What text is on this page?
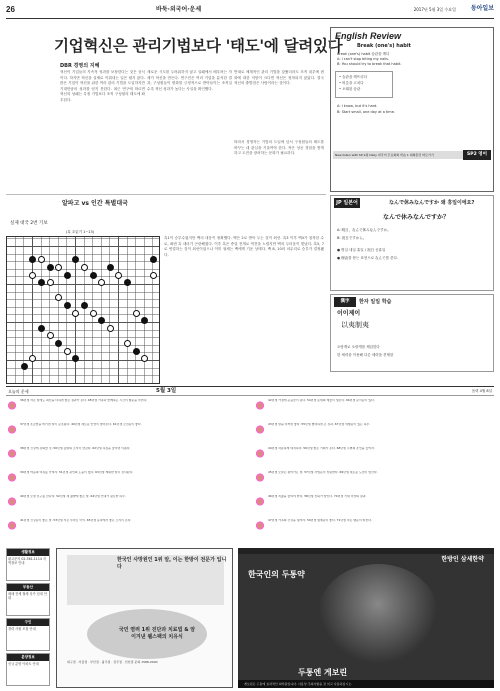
26	바둑·외국어·운세	2017년 5월 3일 수요일 동아일보
기업혁신은 관리기법보다 '태도'에 달려있다
DBR 경영의 지혜
혁신이 기업들의 지속적 성과를 보장한다는 것은 상식이다. 하지만 혁신을 실제로 이뤄내는 일은 쉽지 않다. 많은 기업이 혁신을 위한 여러 관리 기법을 도입하지만 기대만큼의 성과를 얻지 못한다. 최근 연구에 따르면 혁신의 성패는 특정 기법보다 조직 구성원의 태도에 좌우된다.
새로운 시도를 두려워하지 않고 실패에서 배우려는 자세가 혁신을 만든다. 연구진은 여러 기업을 분석한 결과, 구성원들이 변화를 긍정적으로 받아들이는 조직일수록 혁신 성과가 높다는 사실을 확인했다.
반대로 체계적인 관리 기법을 갖췄더라도 조직 내부에 변화에 대한 저항이 크다면 혁신은 정착되지 않았다. 결국 혁신의 출발점은 사람이라는 것이다.
따라서 경영자는 기법의 도입에 앞서 구성원들의 태도를 바꾸는 데 관심을 기울여야 한다. 작은 성공 경험을 쌓게 하고 도전을 장려하는 문화가 필요하다.
English Review
Break (one's) habit
Break (one's) habit 습관을 깨다
A: I can't stop biting my nails.
B: You should try to break that habit.
• 습관을 깨뜨리다
• 버릇을 고치다
• 오래된 습관
A: I know, but it's hard.
B: Start small, one day at a time.
New listen with SP 2위 Daily 외국어 무료회화 학습 1 회화훈련 바로가기	SP2 영어
JP 일본어	なんで休みなんですか 왜 휴일이에요?
なんで休みなんですか？
A: 明日、なんで休みなんですか。
B: 祝日ですから。
● 명일 내일 휴일 / 祝日 공휴일
● 理由를 묻는 표현으로 なんで를 쓴다.
漢字	한자 일일 학습
이이제이
以夷制夷
오랑캐로 오랑캐를 제압한다
한 세력을 이용해 다른 세력을 견제함
알파고 vs 인간 특별대국
실제 대국 2번 기보
(흑 초읽기 1~13)
흑1이 승부수였지만 백의 대응이 정확했다. 백은 2로 받아 두는 것이 최선. 흑3 이후 백4가 침착한 수로, 좌변 흑 대마가 곤란해졌다. 이후 흑은 중앙 전개로 역전을 노렸지만 백의 두터움이 빛났다. 흑5, 7로 연결하는 것이 최선이었으나 이미 형세는 백에게 기운 상태다. 백 8, 10의 마무리로 승부가 결정됐다.
오늘의 운세	5월 3일	음력 4월 8일
36년생 작은 일에도 최선을 다하면 좋은 결과가 온다. 48년생 가족과 함께하는 시간이 행운을 부른다.
37년생 조급함을 버리면 일이 순조롭다. 49년생 새로운 인연이 찾아온다. 61년생 금전운이 좋다.
38년생 건강에 유의할 것. 50년생 뜻밖의 소식이 반갑다. 62년생 욕심을 줄이면 이롭다.
39년생 마음의 여유를 가져라. 51년생 귀인의 도움이 있다. 63년생 계획한 일이 성사된다.
40년생 오랜 친구를 만나라. 52년생 새 출발에 좋은 날. 64년생 인내가 필요한 하루.
41년생 건강운이 좋은 날. 53년생 작은 투자로 이익. 65년생 동쪽에서 좋은 소식이 온다.
42년생 가정에 웃음꽃이 핀다. 54년생 뜻밖의 재물이 생긴다. 66년생 문서운이 있다.
43년생 말을 아끼면 좋다. 55년생 협력하면 큰 성과. 67년생 여행운이 있는 하루.
44년생 차분하게 대처하라. 56년생 좋은 기회가 온다. 68년생 주변의 조언을 들어라.
45년생 오늘은 쉬어가는 날. 57년생 사업운이 상승한다. 69년생 새로운 도전이 빛난다.
46년생 지출을 줄여야 한다. 58년생 신뢰가 쌓인다. 70년생 기대 이상의 결과.
47년생 가족의 건강을 챙겨라. 59년생 명예운이 좋다. 71년생 작은 행운이 따른다.
생활정보
광고문의 02-361-1114 지역정보 안내
부동산
매매 전세 월세 상가 임대 안내
구인
경력 사원 모집 안내
분양정보
신규 분양 아파트 안내
한국인 사망원인 1위 암, 이는 한방이 전문가 입니다
국민 염려 1위 진단과 치료법 & 암 이겨낸 웰스팩의 치유식
대구점 · 서울점 · 부산점 · 광주점 · 전주점 · 인천점 문의 1588-0000
한방인 삼세한약
한국인의 두통약
두통엔 게보린
게보린은 두통에 효과적인 의약품입니다. 사용상 주의사항을 잘 읽고 사용하십시오.
